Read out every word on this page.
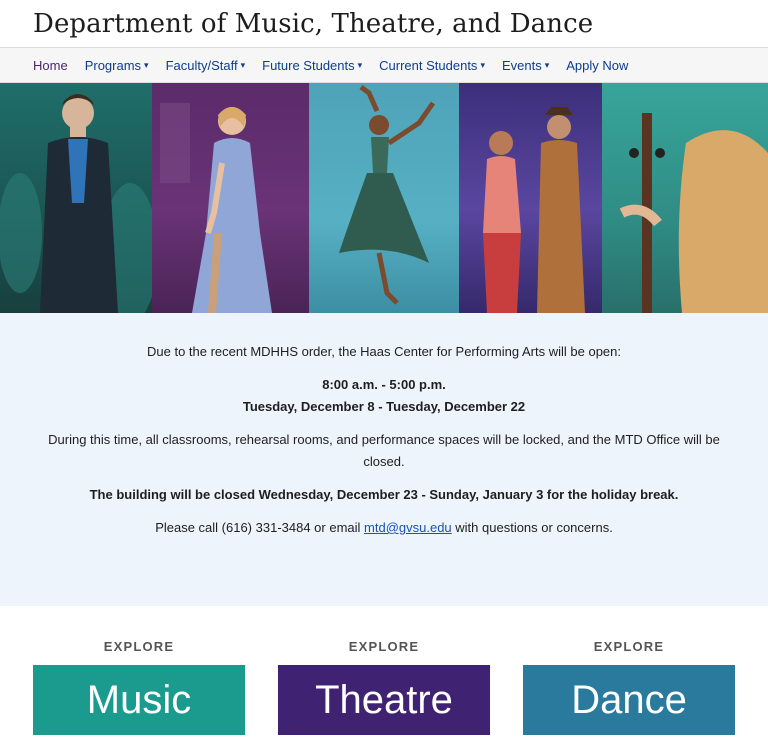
Department of Music, Theatre, and Dance
Home Programs ▾ Faculty/Staff ▾ Future Students ▾ Current Students ▾ Events ▾ Apply Now

Due to the recent MDHHS order, the Haas Center for Performing Arts will be open:

8:00 a.m. - 5:00 p.m.
Tuesday, December 8 - Tuesday, December 22

During this time, all classrooms, rehearsal rooms, and performance spaces will be locked, and the MTD Office will be closed.

The building will be closed Wednesday, December 23 - Sunday, January 3 for the holiday break.

Please call (616) 331-3484 or email mtd@gvsu.edu with questions or concerns.

EXPLORE
Music
EXPLORE
Theatre
EXPLORE
Dance
